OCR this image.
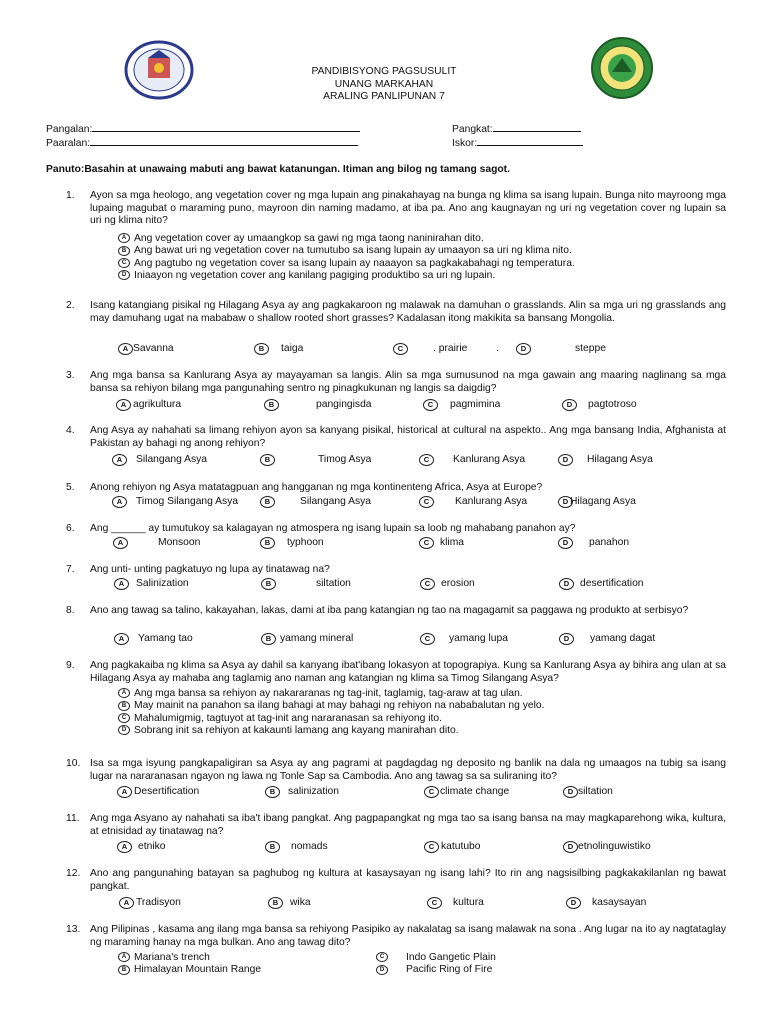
PANDIBISYONG PAGSUSULIT
UNANG MARKAHAN
ARALING PANLIPUNAN 7
Pangalan:
Paaralan:
Pangkat:
Iskor:
Panuto:Basahin at unawaing mabuti ang bawat katanungan. Itiman ang bilog ng tamang sagot.
1.	Ayon sa mga heologo, ang vegetation cover ng mga lupain ang pinakahayag na bunga ng klima sa isang lupain. Bunga nito mayroong mga lupaing magubat o maraming puno, mayroon din naming madamo, at iba pa. Ano ang kaugnayan ng uri ng vegetation cover ng lupain sa uri ng klima nito?
A Ang vegetation cover ay umaangkop sa gawi ng mga taong naninirahan dito.
B Ang bawat uri ng vegetation cover na tumutubo sa isang lupain ay umaayon sa uri ng klima nito.
C Ang pagtubo ng vegetation cover sa isang lupain ay naaayon sa pagkakabahagi ng temperatura.
D Iniaayon ng vegetation cover ang kanilang pagiging produktibo sa uri ng lupain.
2.	Isang katangiang pisikal ng Hilagang Asya ay ang pagkakaroon ng malawak na damuhan o grasslands. Alin sa mga uri ng grasslands ang may damuhang ugat na mababaw o shallow rooted short grasses? Kadalasan itong makikita sa bansang Mongolia.
A Savanna	B taiga	C	. prairie	D	steppe
.
3.	Ang mga bansa sa Kanlurang Asya ay mayayaman sa langis. Alin sa mga sumusunod na mga gawain ang maaring naglinang sa mga bansa sa rehiyon bilang mga pangunahing sentro ng pinagkukunan ng langis sa daigdig?
A agrikultura	B	pangingisda	C pagmimina	D pagtotroso
4.	Ang Asya ay nahahati sa limang rehiyon ayon sa kanyang pisikal, historical at cultural na aspekto.. Ang mga bansang India, Afghanista at Pakistan ay bahagi ng anong rehiyon?
A Silangang Asya	B	Timog Asya	C Kanlurang Asya	D Hilagang Asya
5.	Anong rehiyon ng Asya matatagpuan ang hangganan ng mga kontinenteng Africa, Asya at Europe?
A Timog Silangang Asya	B	Silangang Asya	C	Kanlurang Asya	D Hilagang Asya
6.	Ang ______ ay tumutukoy sa kalagayan ng atmospera ng isang lupain sa loob ng mahabang panahon ay?
A	Monsoon	B typhoon	C klima	D panahon
7.	Ang unti- unting pagkatuyo ng lupa ay tinatawag na?
A Salinization	B	siltation	C erosion	D desertification
8.	Ano ang tawag sa talino, kakayahan, lakas, dami at iba pang katangian ng tao na magagamit sa paggawa ng produkto at serbisyo?
A Yamang tao	B yamang mineral	C yamang lupa	D yamang dagat
9.	Ang pagkakaiba ng klima sa Asya ay dahil sa kanyang ibat'ibang lokasyon at topograpiya. Kung sa Kanlurang Asya ay bihira ang ulan at sa Hilagang Asya ay mahaba ang taglamig ano naman ang katangian ng klima sa Timog Silangang Asya?
A Ang mga bansa sa rehiyon ay nakararanas ng tag-init, taglamig, tag-araw at tag ulan.
B May mainit na panahon sa ilang bahagi at may bahagi ng rehiyon na nababalutan ng yelo.
C Mahalumigmig, tagtuyot at tag-init ang nararanasan sa rehiyong ito.
D Sobrang init sa rehiyon at kakaunti lamang ang kayang manirahan dito.
10. Isa sa mga isyung pangkapaligiran sa Asya ay ang pagrami at pagdagdag ng deposito ng banlik na dala ng umaagos na tubig sa isang lugar na nararanasan ngayon ng lawa ng Tonle Sap sa Cambodia. Ano ang tawag sa sa suliraning ito?
A Desertification	B salinization	C climate change	D siltation
11.	Ang mga Asyano ay nahahati sa iba't ibang pangkat. Ang pagpapangkat ng mga tao sa isang bansa na may magkaparehong wika, kultura, at etnisidad ay tinatawag na?
A etniko	B nomads	C katutubo	D etnolinguwistiko
12. Ano ang pangunahing batayan sa paghubog ng kultura at kasaysayan ng isang lahi? Ito rin ang nagsisilbing pagkakakilanlan ng bawat pangkat.
A Tradisyon	B wika	C kultura	D kasaysayan
13. Ang Pilipinas , kasama ang ilang mga bansa sa rehiyong Pasipiko ay nakalatag sa isang malawak na sona . Ang lugar na ito ay nagtataglay ng maraming hanay na mga bulkan. Ano ang tawag dito?
A Mariana's trench
B Himalayan Mountain Range
C Indo Gangetic Plain
D Pacific Ring of Fire
